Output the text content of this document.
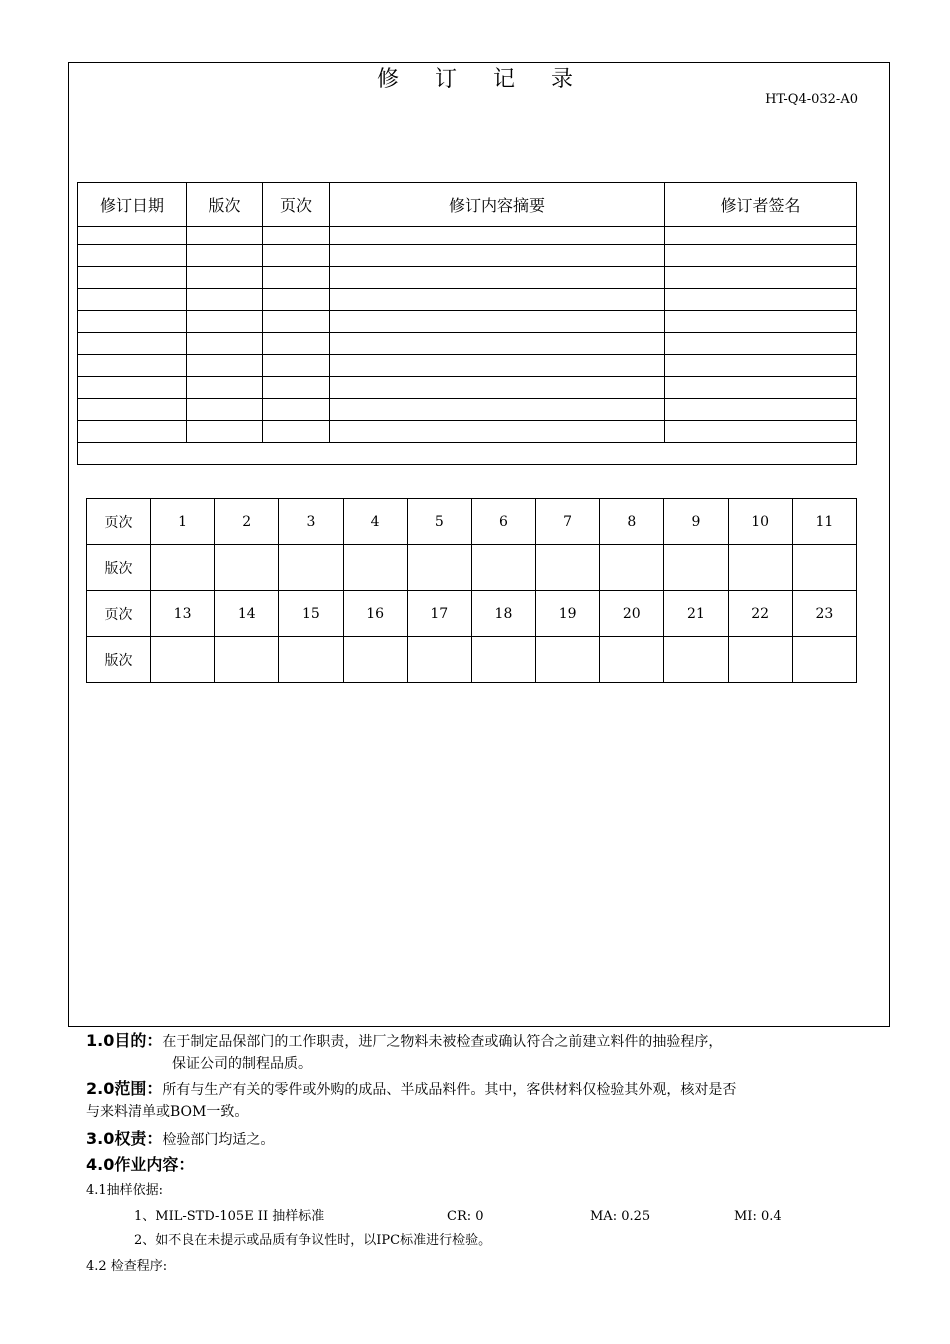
修订记录
HT-Q4-032-A0
修订日期	版次	页次	修订内容摘要	修订者签名

页次	1	2	3	4	5	6	7	8	9	10	11
版次											
页次	13	14	15	16	17	18	19	20	21	22	23
版次											
1.0目的：在于制定品保部门的工作职责，进厂之物料未被检查或确认符合之前建立料件的抽验程序，
保证公司的制程品质。
2.0范围：所有与生产有关的零件或外购的成品、半成品料件。其中，客供材料仅检验其外观，核对是否
与来料清单或BOM一致。
3.0权责：检验部门均适之。
4.0作业内容：
4.1抽样依据:
1、MIL-STD-105E II 抽样标准	CR: 0	MA: 0.25	MI: 0.4
2、如不良在未提示或品质有争议性时，以IPC标准进行检验。
4.2 检查程序:
